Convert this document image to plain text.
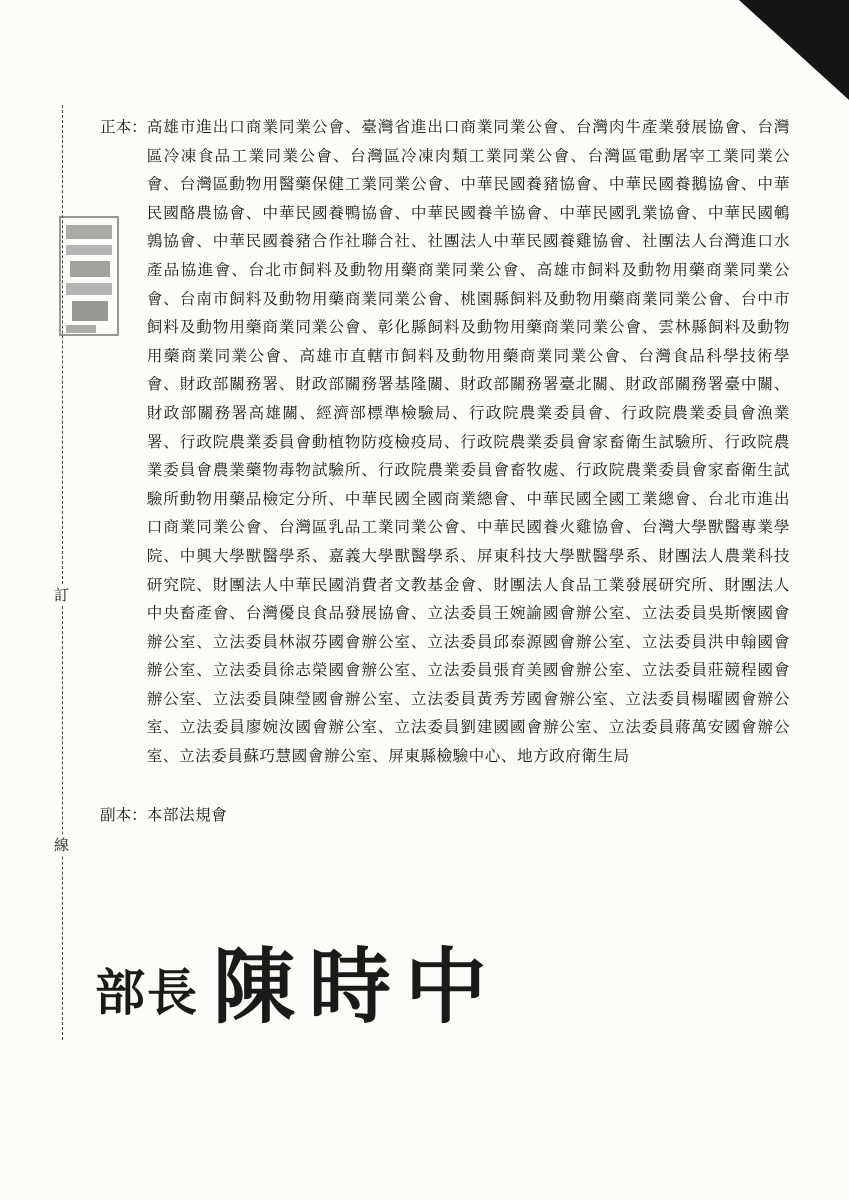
訂
線
正本： 高雄市進出口商業同業公會、臺灣省進出口商業同業公會、台灣肉牛產業發展協會、台灣區冷凍食品工業同業公會、台灣區冷凍肉類工業同業公會、台灣區電動屠宰工業同業公會、台灣區動物用醫藥保健工業同業公會、中華民國養豬協會、中華民國養鵝協會、中華民國酪農協會、中華民國養鴨協會、中華民國養羊協會、中華民國乳業協會、中華民國鵪鶉協會、中華民國養豬合作社聯合社、社團法人中華民國養雞協會、社團法人台灣進口水產品協進會、台北市飼料及動物用藥商業同業公會、高雄市飼料及動物用藥商業同業公會、台南市飼料及動物用藥商業同業公會、桃園縣飼料及動物用藥商業同業公會、台中市飼料及動物用藥商業同業公會、彰化縣飼料及動物用藥商業同業公會、雲林縣飼料及動物用藥商業同業公會、高雄市直轄市飼料及動物用藥商業同業公會、台灣食品科學技術學會、財政部關務署、財政部關務署基隆關、財政部關務署臺北關、財政部關務署臺中關、財政部關務署高雄關、經濟部標準檢驗局、行政院農業委員會、行政院農業委員會漁業署、行政院農業委員會動植物防疫檢疫局、行政院農業委員會家畜衛生試驗所、行政院農業委員會農業藥物毒物試驗所、行政院農業委員會畜牧處、行政院農業委員會家畜衛生試驗所動物用藥品檢定分所、中華民國全國商業總會、中華民國全國工業總會、台北市進出口商業同業公會、台灣區乳品工業同業公會、中華民國養火雞協會、台灣大學獸醫專業學院、中興大學獸醫學系、嘉義大學獸醫學系、屏東科技大學獸醫學系、財團法人農業科技研究院、財團法人中華民國消費者文教基金會、財團法人食品工業發展研究所、財團法人中央畜產會、台灣優良食品發展協會、立法委員王婉諭國會辦公室、立法委員吳斯懷國會辦公室、立法委員林淑芬國會辦公室、立法委員邱泰源國會辦公室、立法委員洪申翰國會辦公室、立法委員徐志榮國會辦公室、立法委員張育美國會辦公室、立法委員莊競程國會辦公室、立法委員陳瑩國會辦公室、立法委員黃秀芳國會辦公室、立法委員楊曜國會辦公室、立法委員廖婉汝國會辦公室、立法委員劉建國國會辦公室、立法委員蔣萬安國會辦公室、立法委員蘇巧慧國會辦公室、屏東縣檢驗中心、地方政府衛生局
副本： 本部法規會
部長 陳時中
